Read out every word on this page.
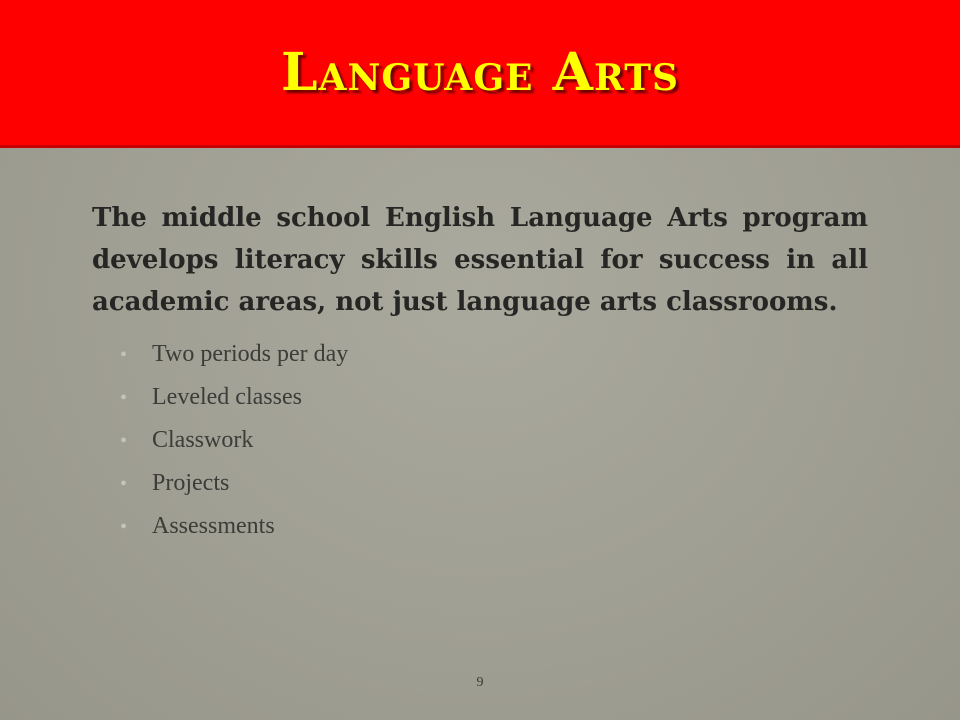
Language Arts

The middle school English Language Arts program develops literacy skills essential for success in all academic areas, not just language arts classrooms.

• Two periods per day
• Leveled classes
• Classwork
• Projects
• Assessments
9
